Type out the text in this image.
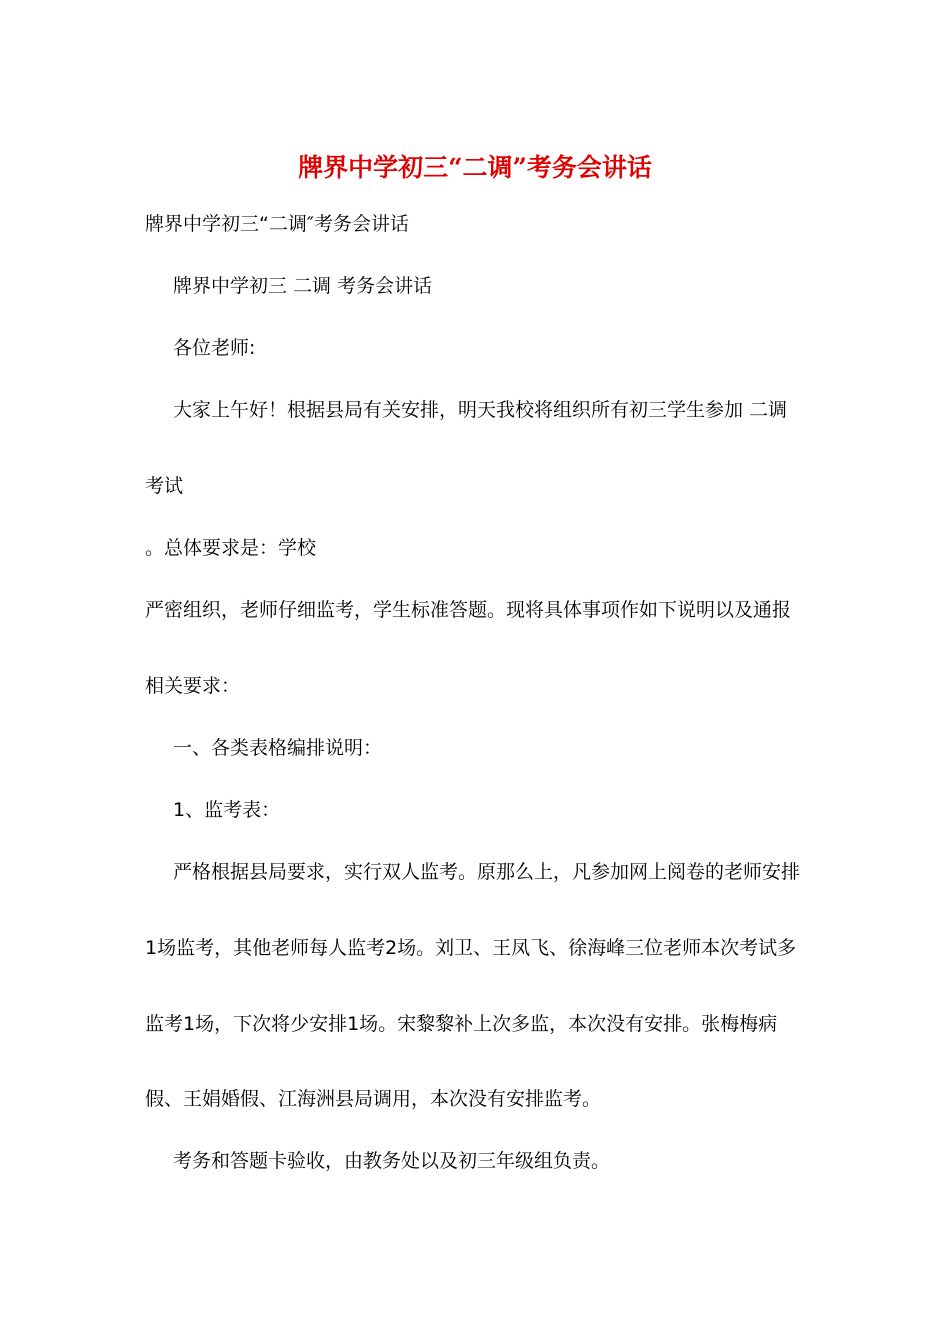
牌界中学初三“二调”考务会讲话
牌界中学初三“二调″考务会讲话
牌界中学初三 二调 考务会讲话
各位老师:
大家上午好！根据县局有关安排，明天我校将组织所有初三学生参加 二调
考试
。总体要求是：学校
严密组织，老师仔细监考，学生标准答题。现将具体事项作如下说明以及通报
相关要求：
一、各类表格编排说明：
1、监考表：
严格根据县局要求，实行双人监考。原那么上，凡参加网上阅卷的老师安排
1场监考，其他老师每人监考2场。刘卫、王凤飞、徐海峰三位老师本次考试多
监考1场，下次将少安排1场。宋黎黎补上次多监，本次没有安排。张梅梅病
假、王娟婚假、江海洲县局调用，本次没有安排监考。
考务和答题卡验收，由教务处以及初三年级组负责。
